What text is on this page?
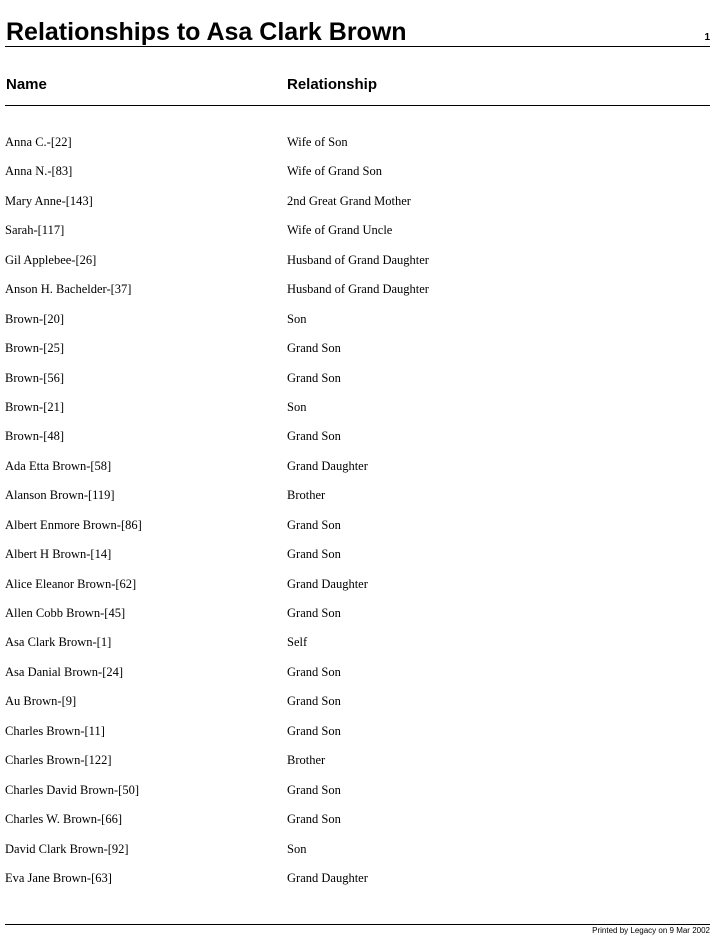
Relationships to Asa Clark Brown	1
Name	Relationship
Anna C.-[22]	Wife of Son
Anna N.-[83]	Wife of Grand Son
Mary Anne-[143]	2nd Great Grand Mother
Sarah-[117]	Wife of Grand Uncle
Gil Applebee-[26]	Husband of Grand Daughter
Anson H. Bachelder-[37]	Husband of Grand Daughter
Brown-[20]	Son
Brown-[25]	Grand Son
Brown-[56]	Grand Son
Brown-[21]	Son
Brown-[48]	Grand Son
Ada Etta Brown-[58]	Grand Daughter
Alanson Brown-[119]	Brother
Albert Enmore Brown-[86]	Grand Son
Albert H Brown-[14]	Grand Son
Alice Eleanor Brown-[62]	Grand Daughter
Allen Cobb Brown-[45]	Grand Son
Asa Clark Brown-[1]	Self
Asa Danial Brown-[24]	Grand Son
Au Brown-[9]	Grand Son
Charles Brown-[11]	Grand Son
Charles Brown-[122]	Brother
Charles David Brown-[50]	Grand Son
Charles W. Brown-[66]	Grand Son
David Clark Brown-[92]	Son
Eva Jane Brown-[63]	Grand Daughter
Printed by Legacy on 9 Mar 2002
